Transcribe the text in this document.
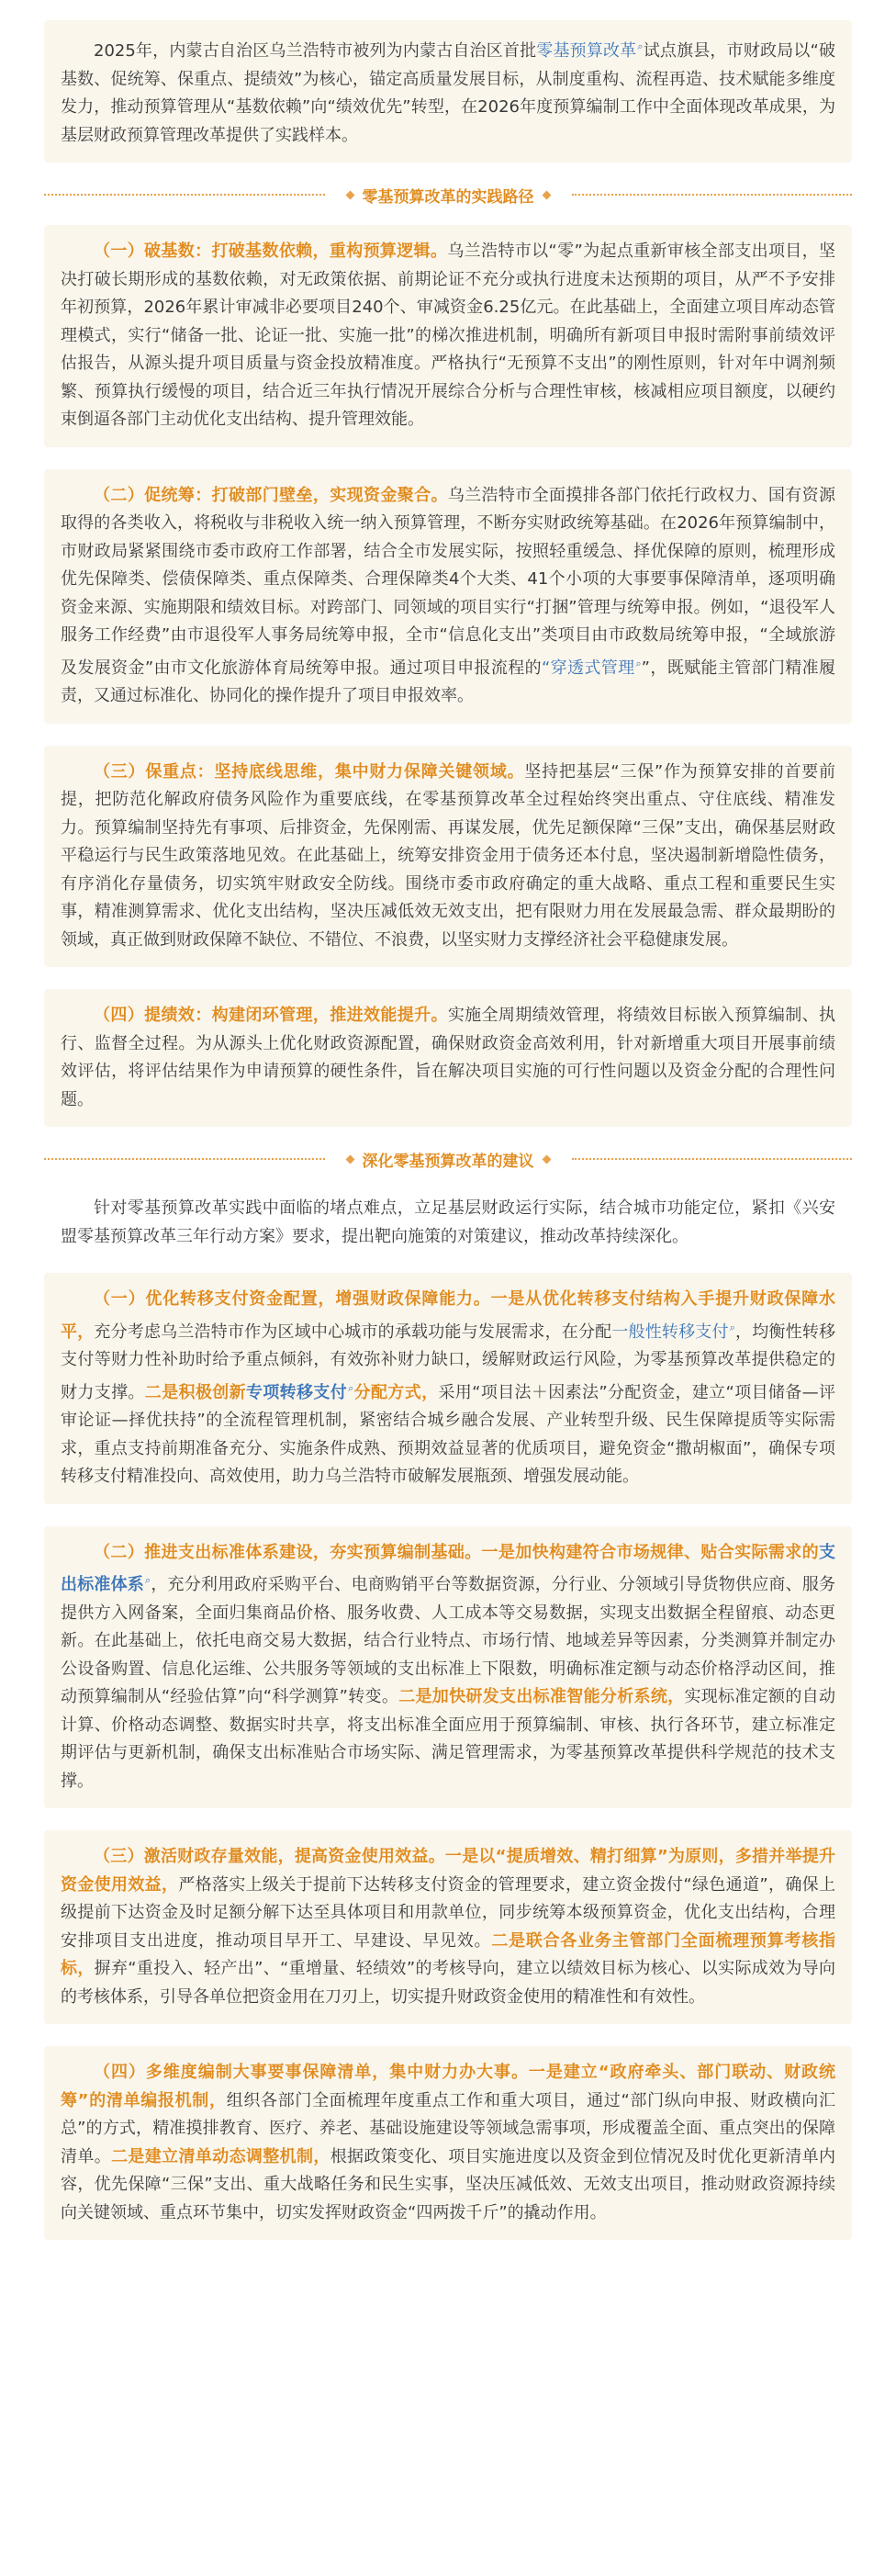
2025年，内蒙古自治区乌兰浩特市被列为内蒙古自治区首批零基预算改革⌕试点旗县，市财政局以“破基数、促统筹、保重点、提绩效”为核心，锚定高质量发展目标，从制度重构、流程再造、技术赋能多维度发力，推动预算管理从“基数依赖”向“绩效优先”转型，在2026年度预算编制工作中全面体现改革成果，为基层财政预算管理改革提供了实践样本。

零基预算改革的实践路径

（一）破基数：打破基数依赖，重构预算逻辑。乌兰浩特市以“零”为起点重新审核全部支出项目，坚决打破长期形成的基数依赖，对无政策依据、前期论证不充分或执行进度未达预期的项目，从严不予安排年初预算，2026年累计审减非必要项目240个、审减资金6.25亿元。在此基础上，全面建立项目库动态管理模式，实行“储备一批、论证一批、实施一批”的梯次推进机制，明确所有新项目申报时需附事前绩效评估报告，从源头提升项目质量与资金投放精准度。严格执行“无预算不支出”的刚性原则，针对年中调剂频繁、预算执行缓慢的项目，结合近三年执行情况开展综合分析与合理性审核，核减相应项目额度，以硬约束倒逼各部门主动优化支出结构、提升管理效能。

（二）促统筹：打破部门壁垒，实现资金聚合。乌兰浩特市全面摸排各部门依托行政权力、国有资源取得的各类收入，将税收与非税收入统一纳入预算管理，不断夯实财政统筹基础。在2026年预算编制中，市财政局紧紧围绕市委市政府工作部署，结合全市发展实际，按照轻重缓急、择优保障的原则，梳理形成优先保障类、偿债保障类、重点保障类、合理保障类4个大类、41个小项的大事要事保障清单，逐项明确资金来源、实施期限和绩效目标。对跨部门、同领域的项目实行“打捆”管理与统筹申报。例如，“退役军人服务工作经费”由市退役军人事务局统筹申报，全市“信息化支出”类项目由市政数局统筹申报，“全域旅游及发展资金”由市文化旅游体育局统筹申报。通过项目申报流程的“穿透式管理⌕”，既赋能主管部门精准履责，又通过标准化、协同化的操作提升了项目申报效率。

（三）保重点：坚持底线思维，集中财力保障关键领域。坚持把基层“三保”作为预算安排的首要前提，把防范化解政府债务风险作为重要底线，在零基预算改革全过程始终突出重点、守住底线、精准发力。预算编制坚持先有事项、后排资金，先保刚需、再谋发展，优先足额保障“三保”支出，确保基层财政平稳运行与民生政策落地见效。在此基础上，统筹安排资金用于债务还本付息，坚决遏制新增隐性债务，有序消化存量债务，切实筑牢财政安全防线。围绕市委市政府确定的重大战略、重点工程和重要民生实事，精准测算需求、优化支出结构，坚决压减低效无效支出，把有限财力用在发展最急需、群众最期盼的领域，真正做到财政保障不缺位、不错位、不浪费，以坚实财力支撑经济社会平稳健康发展。

（四）提绩效：构建闭环管理，推进效能提升。实施全周期绩效管理，将绩效目标嵌入预算编制、执行、监督全过程。为从源头上优化财政资源配置，确保财政资金高效利用，针对新增重大项目开展事前绩效评估，将评估结果作为申请预算的硬性条件，旨在解决项目实施的可行性问题以及资金分配的合理性问题。

深化零基预算改革的建议

针对零基预算改革实践中面临的堵点难点，立足基层财政运行实际，结合城市功能定位，紧扣《兴安盟零基预算改革三年行动方案》要求，提出靶向施策的对策建议，推动改革持续深化。

（一）优化转移支付资金配置，增强财政保障能力。一是从优化转移支付结构入手提升财政保障水平，充分考虑乌兰浩特市作为区域中心城市的承载功能与发展需求，在分配一般性转移支付⌕，均衡性转移支付等财力性补助时给予重点倾斜，有效弥补财力缺口，缓解财政运行风险，为零基预算改革提供稳定的财力支撑。二是积极创新专项转移支付⌕分配方式，采用“项目法＋因素法”分配资金，建立“项目储备—评审论证—择优扶持”的全流程管理机制，紧密结合城乡融合发展、产业转型升级、民生保障提质等实际需求，重点支持前期准备充分、实施条件成熟、预期效益显著的优质项目，避免资金“撒胡椒面”，确保专项转移支付精准投向、高效使用，助力乌兰浩特市破解发展瓶颈、增强发展动能。

（二）推进支出标准体系建设，夯实预算编制基础。一是加快构建符合市场规律、贴合实际需求的支出标准体系⌕，充分利用政府采购平台、电商购销平台等数据资源，分行业、分领域引导货物供应商、服务提供方入网备案，全面归集商品价格、服务收费、人工成本等交易数据，实现支出数据全程留痕、动态更新。在此基础上，依托电商交易大数据，结合行业特点、市场行情、地域差异等因素，分类测算并制定办公设备购置、信息化运维、公共服务等领域的支出标准上下限数，明确标准定额与动态价格浮动区间，推动预算编制从“经验估算”向“科学测算”转变。二是加快研发支出标准智能分析系统，实现标准定额的自动计算、价格动态调整、数据实时共享，将支出标准全面应用于预算编制、审核、执行各环节，建立标准定期评估与更新机制，确保支出标准贴合市场实际、满足管理需求，为零基预算改革提供科学规范的技术支撑。

（三）激活财政存量效能，提高资金使用效益。一是以“提质增效、精打细算”为原则，多措并举提升资金使用效益，严格落实上级关于提前下达转移支付资金的管理要求，建立资金拨付“绿色通道”，确保上级提前下达资金及时足额分解下达至具体项目和用款单位，同步统筹本级预算资金，优化支出结构，合理安排项目支出进度，推动项目早开工、早建设、早见效。二是联合各业务主管部门全面梳理预算考核指标，摒弃“重投入、轻产出”、“重增量、轻绩效”的考核导向，建立以绩效目标为核心、以实际成效为导向的考核体系，引导各单位把资金用在刀刃上，切实提升财政资金使用的精准性和有效性。

（四）多维度编制大事要事保障清单，集中财力办大事。一是建立“政府牵头、部门联动、财政统筹”的清单编报机制，组织各部门全面梳理年度重点工作和重大项目，通过“部门纵向申报、财政横向汇总”的方式，精准摸排教育、医疗、养老、基础设施建设等领域急需事项，形成覆盖全面、重点突出的保障清单。二是建立清单动态调整机制，根据政策变化、项目实施进度以及资金到位情况及时优化更新清单内容，优先保障“三保”支出、重大战略任务和民生实事，坚决压减低效、无效支出项目，推动财政资源持续向关键领域、重点环节集中，切实发挥财政资金“四两拨千斤”的撬动作用。
